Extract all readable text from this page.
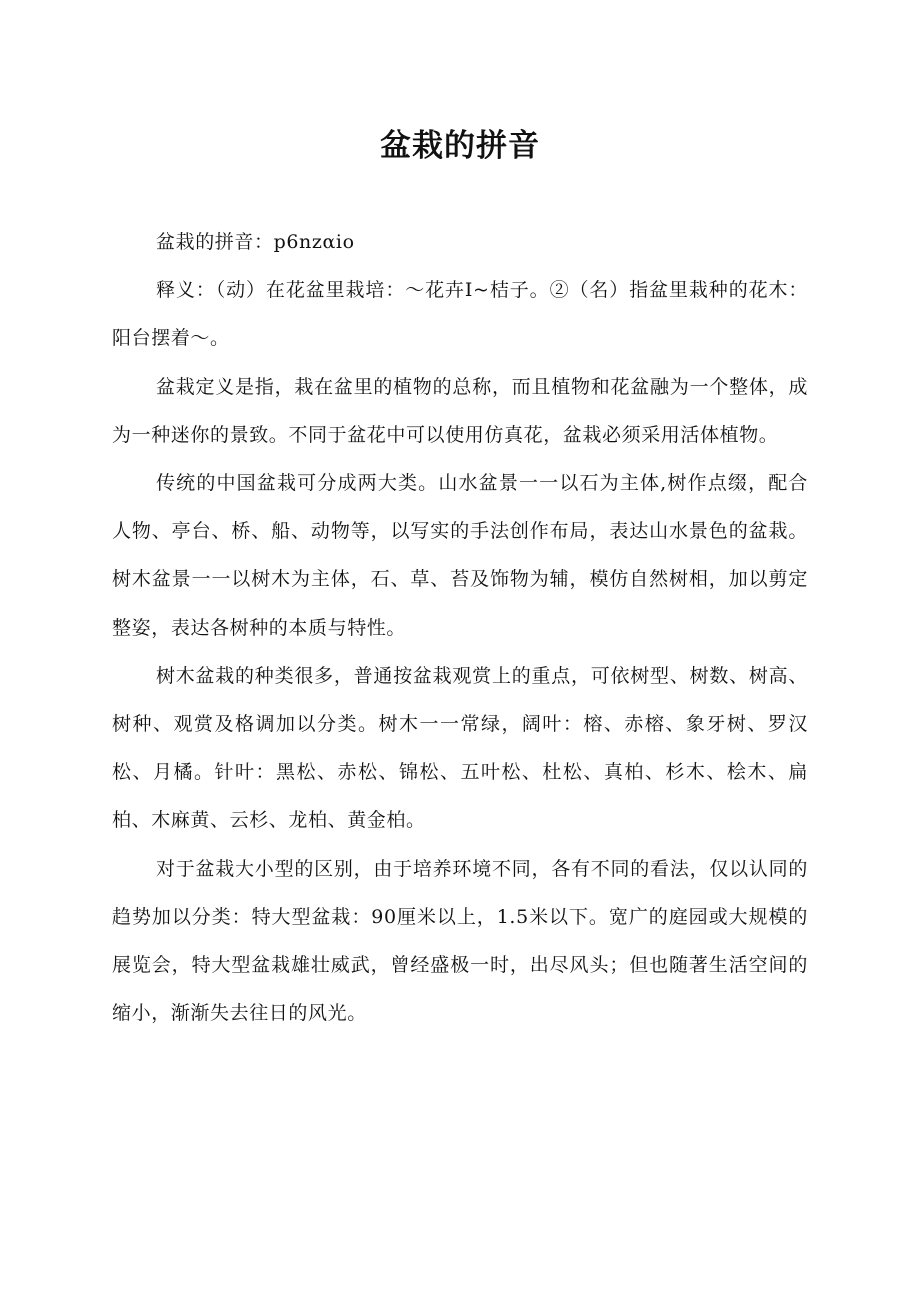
盆栽的拼音

盆栽的拼音：p6nzαio

释义：（动）在花盆里栽培：～花卉I~桔子。②（名）指盆里栽种的花木：阳台摆着～。

盆栽定义是指，栽在盆里的植物的总称，而且植物和花盆融为一个整体，成为一种迷你的景致。不同于盆花中可以使用仿真花，盆栽必须采用活体植物。

传统的中国盆栽可分成两大类。山水盆景一一以石为主体,树作点缀，配合人物、亭台、桥、船、动物等，以写实的手法创作布局，表达山水景色的盆栽。树木盆景一一以树木为主体，石、草、苔及饰物为辅，模仿自然树相，加以剪定整姿，表达各树种的本质与特性。

树木盆栽的种类很多，普通按盆栽观赏上的重点，可依树型、树数、树高、树种、观赏及格调加以分类。树木一一常绿，阔叶：榕、赤榕、象牙树、罗汉松、月橘。针叶：黑松、赤松、锦松、五叶松、杜松、真柏、杉木、桧木、扁柏、木麻黄、云杉、龙柏、黄金柏。

对于盆栽大小型的区别，由于培养环境不同，各有不同的看法，仅以认同的趋势加以分类：特大型盆栽：90厘米以上，1.5米以下。宽广的庭园或大规模的展览会，特大型盆栽雄壮威武，曾经盛极一时，出尽风头；但也随著生活空间的缩小，渐渐失去往日的风光。
